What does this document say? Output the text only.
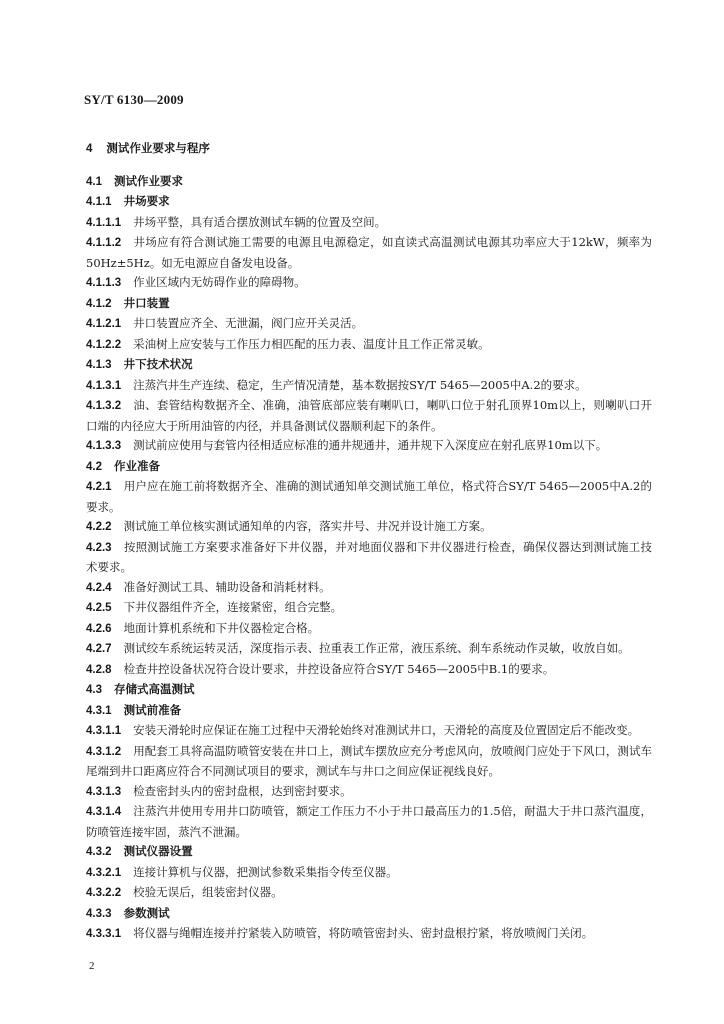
SY/T 6130—2009
4 测试作业要求与程序
4.1 测试作业要求
4.1.1 井场要求
4.1.1.1 井场平整，具有适合摆放测试车辆的位置及空间。
4.1.1.2 井场应有符合测试施工需要的电源且电源稳定，如直读式高温测试电源其功率应大于12kW，频率为50Hz±5Hz。如无电源应自备发电设备。
4.1.1.3 作业区域内无妨碍作业的障碍物。
4.1.2 井口装置
4.1.2.1 井口装置应齐全、无泄漏，阀门应开关灵活。
4.1.2.2 采油树上应安装与工作压力相匹配的压力表、温度计且工作正常灵敏。
4.1.3 井下技术状况
4.1.3.1 注蒸汽井生产连续、稳定，生产情况清楚，基本数据按SY/T 5465—2005中A.2的要求。
4.1.3.2 油、套管结构数据齐全、准确，油管底部应装有喇叭口，喇叭口位于射孔顶界10m以上，则喇叭口开口端的内径应大于所用油管的内径，并具备测试仪器顺利起下的条件。
4.1.3.3 测试前应使用与套管内径相适应标准的通井规通井，通井规下入深度应在射孔底界10m以下。
4.2 作业准备
4.2.1 用户应在施工前将数据齐全、准确的测试通知单交测试施工单位，格式符合SY/T 5465—2005中A.2的要求。
4.2.2 测试施工单位核实测试通知单的内容，落实井号、井况并设计施工方案。
4.2.3 按照测试施工方案要求准备好下井仪器，并对地面仪器和下井仪器进行检查，确保仪器达到测试施工技术要求。
4.2.4 准备好测试工具、辅助设备和消耗材料。
4.2.5 下井仪器组件齐全，连接紧密，组合完整。
4.2.6 地面计算机系统和下井仪器检定合格。
4.2.7 测试绞车系统运转灵活，深度指示表、拉重表工作正常，液压系统、刹车系统动作灵敏，收放自如。
4.2.8 检查井控设备状况符合设计要求，井控设备应符合SY/T 5465—2005中B.1的要求。
4.3 存储式高温测试
4.3.1 测试前准备
4.3.1.1 安装天滑轮时应保证在施工过程中天滑轮始终对准测试井口，天滑轮的高度及位置固定后不能改变。
4.3.1.2 用配套工具将高温防喷管安装在井口上，测试车摆放应充分考虑风向，放喷阀门应处于下风口，测试车尾端到井口距离应符合不同测试项目的要求，测试车与井口之间应保证视线良好。
4.3.1.3 检查密封头内的密封盘根，达到密封要求。
4.3.1.4 注蒸汽井使用专用井口防喷管，额定工作压力不小于井口最高压力的1.5倍，耐温大于井口蒸汽温度，防喷管连接牢固，蒸汽不泄漏。
4.3.2 测试仪器设置
4.3.2.1 连接计算机与仪器，把测试参数采集指令传至仪器。
4.3.2.2 校验无误后，组装密封仪器。
4.3.3 参数测试
4.3.3.1 将仪器与绳帽连接并拧紧装入防喷管，将防喷管密封头、密封盘根拧紧，将放喷阀门关闭。
2
